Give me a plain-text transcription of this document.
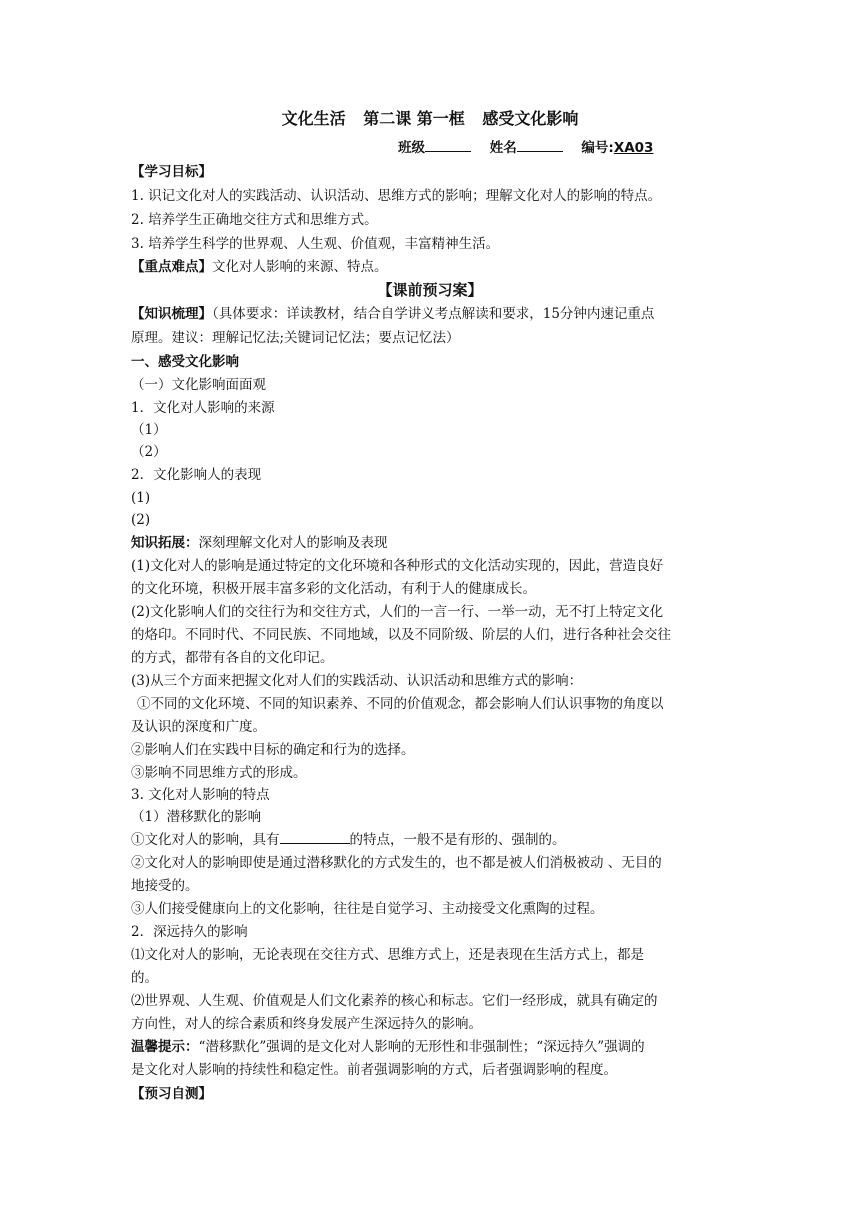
文化生活 第二课 第一框 感受文化影响
班级	姓名	编号:XA03
【学习目标】
1. 识记文化对人的实践活动、认识活动、思维方式的影响；理解文化对人的影响的特点。
2. 培养学生正确地交往方式和思维方式。
3. 培养学生科学的世界观、人生观、价值观，丰富精神生活。
【重点难点】文化对人影响的来源、特点。
【课前预习案】
【知识梳理】（具体要求：详读教材，结合自学讲义考点解读和要求，15分钟内速记重点
原理。建议：理解记忆法;关键词记忆法；要点记忆法）
一、感受文化影响
（一）文化影响面面观
1．文化对人影响的来源
（1）
（2）
2．文化影响人的表现
(1)
(2)
知识拓展：深刻理解文化对人的影响及表现
(1)文化对人的影响是通过特定的文化环境和各种形式的文化活动实现的，因此，营造良好
的文化环境，积极开展丰富多彩的文化活动，有利于人的健康成长。
(2)文化影响人们的交往行为和交往方式，人们的一言一行、一举一动，无不打上特定文化
的烙印。不同时代、不同民族、不同地域，以及不同阶级、阶层的人们，进行各种社会交往
的方式，都带有各自的文化印记。
(3)从三个方面来把握文化对人们的实践活动、认识活动和思维方式的影响：
①不同的文化环境、不同的知识素养、不同的价值观念，都会影响人们认识事物的角度以
及认识的深度和广度。
②影响人们在实践中目标的确定和行为的选择。
③影响不同思维方式的形成。
3. 文化对人影响的特点
（1）潜移默化的影响
①文化对人的影响，具有	的特点，一般不是有形的、强制的。
②文化对人的影响即使是通过潜移默化的方式发生的，也不都是被人们消极被动 、无目的
地接受的。
③人们接受健康向上的文化影响，往往是自觉学习、主动接受文化熏陶的过程。
2．深远持久的影响
⑴文化对人的影响，无论表现在交往方式、思维方式上，还是表现在生活方式上，都是
的。
⑵世界观、人生观、价值观是人们文化素养的核心和标志。它们一经形成，就具有确定的
方向性，对人的综合素质和终身发展产生深远持久的影响。
温馨提示：“潜移默化”强调的是文化对人影响的无形性和非强制性；“深远持久”强调的
是文化对人影响的持续性和稳定性。前者强调影响的方式，后者强调影响的程度。
【预习自测】
